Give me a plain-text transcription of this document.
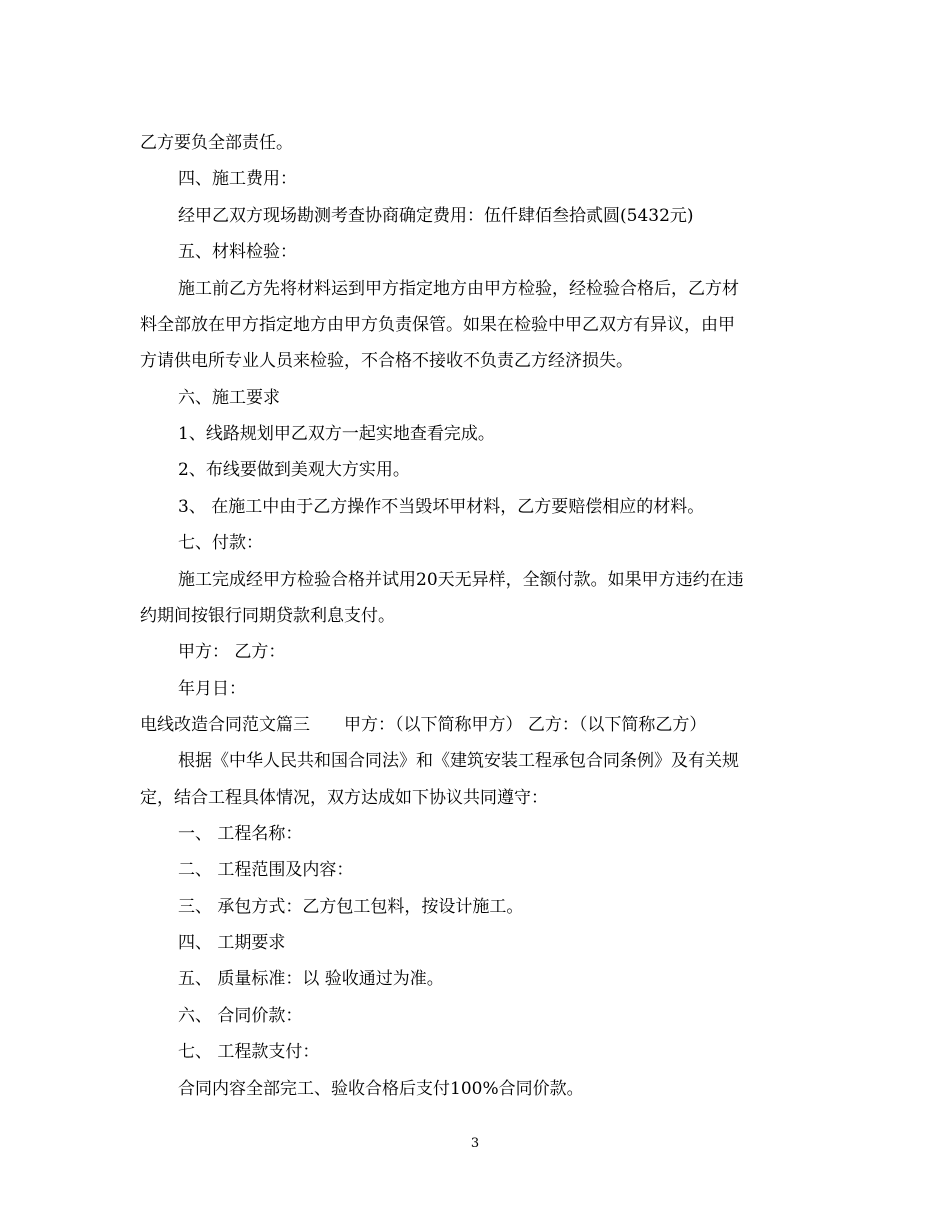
乙方要负全部责任。
四、施工费用：
经甲乙双方现场勘测考查协商确定费用：伍仟肆佰叁拾贰圆(5432元)
五、材料检验：
施工前乙方先将材料运到甲方指定地方由甲方检验，经检验合格后，乙方材
料全部放在甲方指定地方由甲方负责保管。如果在检验中甲乙双方有异议，由甲
方请供电所专业人员来检验，不合格不接收不负责乙方经济损失。
六、施工要求
1、线路规划甲乙双方一起实地查看完成。
2、布线要做到美观大方实用。
3、 在施工中由于乙方操作不当毁坏甲材料，乙方要赔偿相应的材料。
七、付款：
施工完成经甲方检验合格并试用20天无异样，全额付款。如果甲方违约在违
约期间按银行同期贷款利息支付。
甲方： 乙方：
年月日：
电线改造合同范文篇三　　甲方：（以下简称甲方） 乙方：（以下简称乙方）
根据《中华人民共和国合同法》和《建筑安装工程承包合同条例》及有关规
定，结合工程具体情况，双方达成如下协议共同遵守：
一、 工程名称：
二、 工程范围及内容：
三、 承包方式：乙方包工包料，按设计施工。
四、 工期要求
五、 质量标准：以 验收通过为准。
六、 合同价款：
七、 工程款支付：
合同内容全部完工、验收合格后支付100%合同价款。
3
